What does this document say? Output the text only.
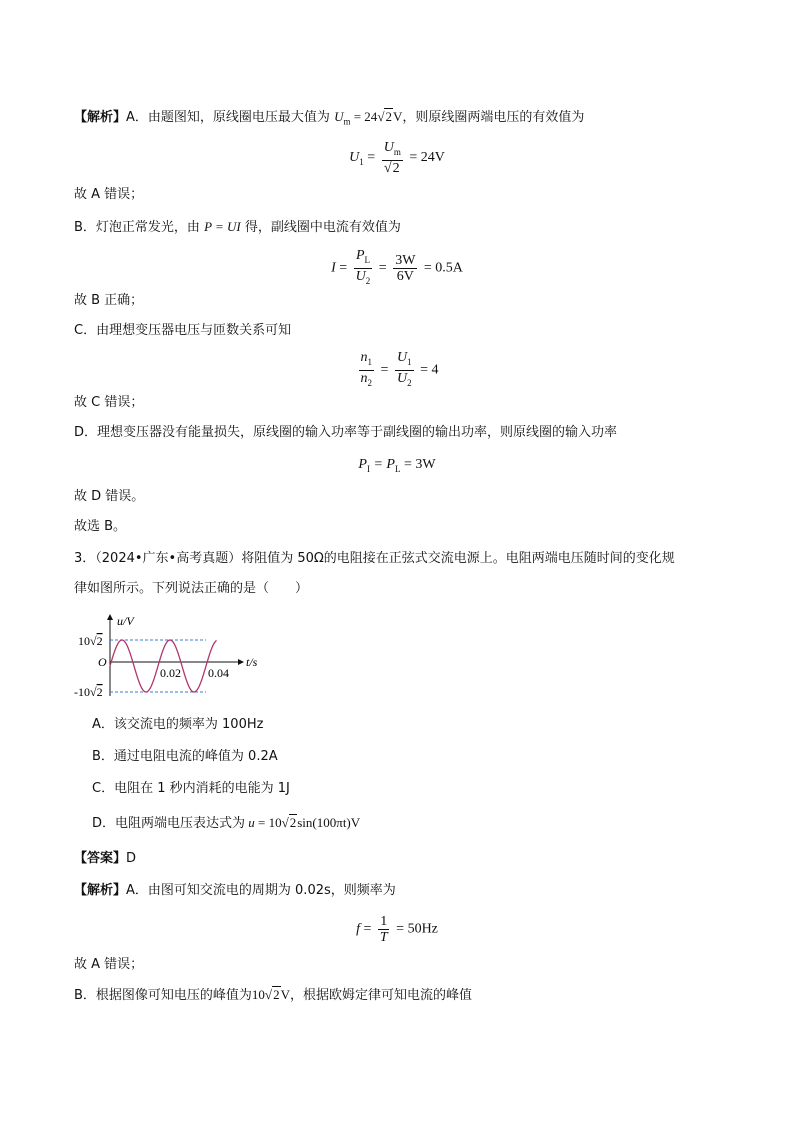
【解析】A．由题图知，原线圈电压最大值为 $U_m = 24√2V$，则原线圈两端电压的有效值为
$U_1 = \frac{U_m}{√2} = 24V$
故 A 错误；
B．灯泡正常发光，由 P = UI 得，副线圈中电流有效值为
$I = \frac{P_L}{U_2} = \frac{3W}{6V} = 0.5A$
故 B 正确；
C．由理想变压器电压与匝数关系可知
$\frac{n_1}{n_2} = \frac{U_1}{U_2} = 4$
故 C 错误；
D．理想变压器没有能量损失，原线圈的输入功率等于副线圈的输出功率，则原线圈的输入功率
$P_I = P_L = 3W$
故 D 错误。
故选 B。
3．（2024•广东•高考真题）将阻值为 50Ω的电阻接在正弦式交流电源上。电阻两端电压随时间的变化规
律如图所示。下列说法正确的是（　　）
u/V
t/s
O
10√2
-10√2
0.02 0.04
A．该交流电的频率为 100Hz
B．通过电阻电流的峰值为 0.2A
C．电阻在 1 秒内消耗的电能为 1J
D．电阻两端电压表达式为 u = 10√2sin(100πt)V
【答案】D
【解析】A．由图可知交流电的周期为 0.02s，则频率为
$f = \frac{1}{T} = 50Hz$
故 A 错误；
B．根据图像可知电压的峰值为10√2V，根据欧姆定律可知电流的峰值
